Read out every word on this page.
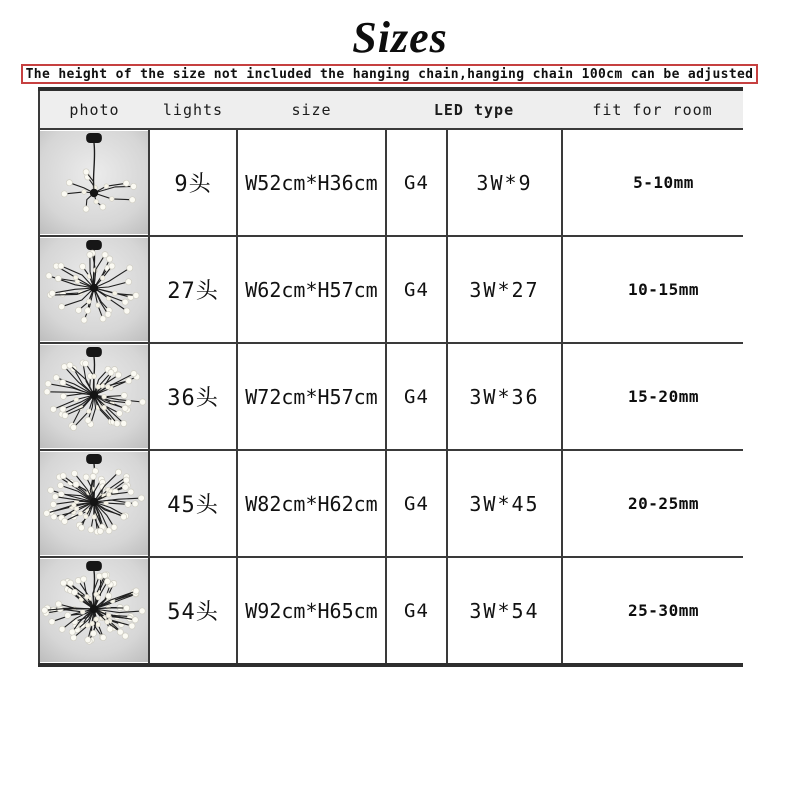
Sizes
The height of the size not included the hanging chain,hanging chain 100cm can be adjusted
photo	lights	size	LED type		fit for room

	9头	W52cm*H36cm	G4	3W*9	5-10mm

	27头	W62cm*H57cm	G4	3W*27	10-15mm

	36头	W72cm*H57cm	G4	3W*36	15-20mm

	45头	W82cm*H62cm	G4	3W*45	20-25mm

	54头	W92cm*H65cm	G4	3W*54	25-30mm
